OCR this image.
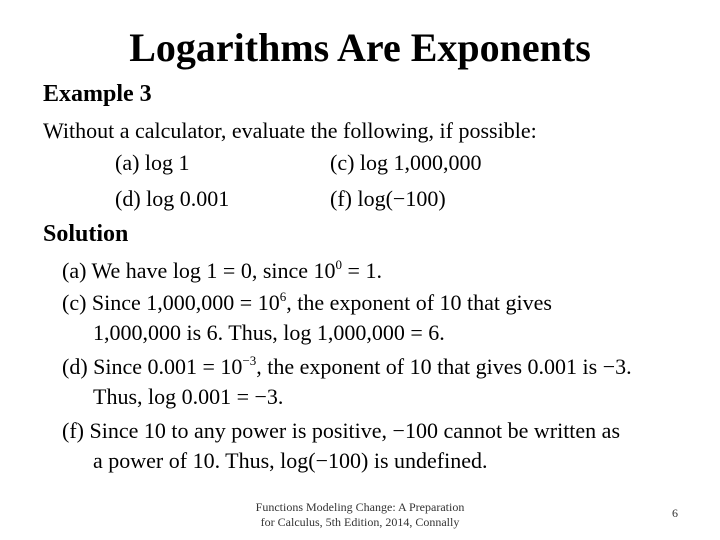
Logarithms Are Exponents
Example 3
Without a calculator, evaluate the following, if possible:
(a) log 1	(c) log 1,000,000
(d) log 0.001	(f) log(−100)
Solution
(a) We have log 1 = 0, since $10^0 = 1$.
(c) Since $1,000,000 = 10^6$, the exponent of 10 that gives
1,000,000 is 6. Thus, log 1,000,000 = 6.
(d) Since $0.001 = 10^{-3}$, the exponent of 10 that gives 0.001 is −3.
Thus, log 0.001 = −3.
(f) Since 10 to any power is positive, −100 cannot be written as
a power of 10. Thus, log(−100) is undefined.
Functions Modeling Change: A Preparation
for Calculus, 5th Edition, 2014, Connally
6
